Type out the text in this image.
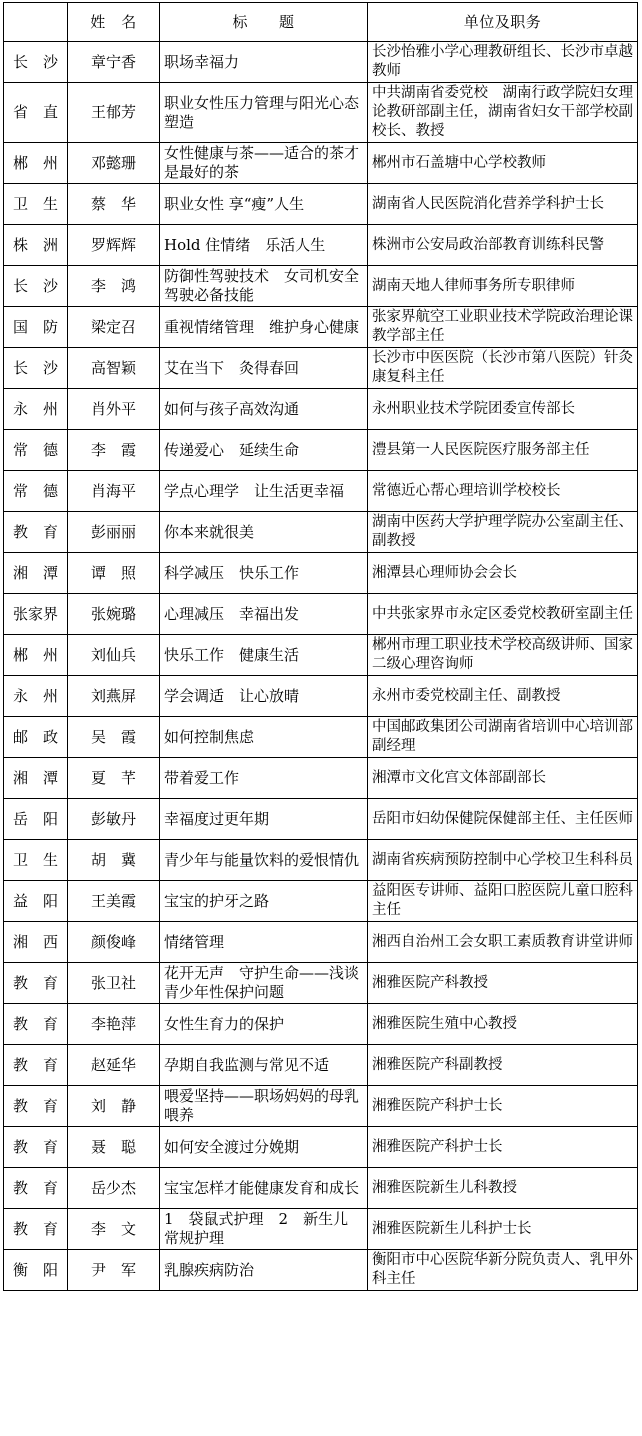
	姓　名	标　　题	单位及职务
长　沙	章宁香	职场幸福力	长沙怡雅小学心理教研组长、长沙市卓越教师
省　直	王郁芳	职业女性压力管理与阳光心态塑造	中共湖南省委党校　湖南行政学院妇女理论教研部副主任，湖南省妇女干部学校副校长、教授
郴　州	邓懿珊	女性健康与茶——适合的茶才是最好的茶	郴州市石盖塘中心学校教师
卫　生	蔡　华	职业女性 享“瘦”人生	湖南省人民医院消化营养学科护士长
株　洲	罗辉辉	Hold 住情绪　乐活人生	株洲市公安局政治部教育训练科民警
长　沙	李　鸿	防御性驾驶技术　女司机安全驾驶必备技能	湖南天地人律师事务所专职律师
国　防	梁定召	重视情绪管理　维护身心健康	张家界航空工业职业技术学院政治理论课教学部主任
长　沙	高智颖	艾在当下　灸得春回	长沙市中医医院（长沙市第八医院）针灸康复科主任
永　州	肖外平	如何与孩子高效沟通	永州职业技术学院团委宣传部长
常　德	李　霞	传递爱心　延续生命	澧县第一人民医院医疗服务部主任
常　德	肖海平	学点心理学　让生活更幸福	常德近心帮心理培训学校校长
教　育	彭丽丽	你本来就很美	湖南中医药大学护理学院办公室副主任、副教授
湘　潭	谭　照	科学减压　快乐工作	湘潭县心理师协会会长
张家界	张婉璐	心理减压　幸福出发	中共张家界市永定区委党校教研室副主任
郴　州	刘仙兵	快乐工作　健康生活	郴州市理工职业技术学校高级讲师、国家二级心理咨询师
永　州	刘燕屏	学会调适　让心放晴	永州市委党校副主任、副教授
邮　政	吴　霞	如何控制焦虑	中国邮政集团公司湖南省培训中心培训部副经理
湘　潭	夏　芊	带着爱工作	湘潭市文化宫文体部副部长
岳　阳	彭敏丹	幸福度过更年期	岳阳市妇幼保健院保健部主任、主任医师
卫　生	胡　冀	青少年与能量饮料的爱恨情仇	湖南省疾病预防控制中心学校卫生科科员
益　阳	王美霞	宝宝的护牙之路	益阳医专讲师、益阳口腔医院儿童口腔科主任
湘　西	颜俊峰	情绪管理	湘西自治州工会女职工素质教育讲堂讲师
教　育	张卫社	花开无声　守护生命——浅谈青少年性保护问题	湘雅医院产科教授
教　育	李艳萍	女性生育力的保护	湘雅医院生殖中心教授
教　育	赵延华	孕期自我监测与常见不适	湘雅医院产科副教授
教　育	刘　静	喂爱坚持——职场妈妈的母乳喂养	湘雅医院产科护士长
教　育	聂　聪	如何安全渡过分娩期	湘雅医院产科护士长
教　育	岳少杰	宝宝怎样才能健康发育和成长	湘雅医院新生儿科教授
教　育	李　文	1　袋鼠式护理　2　新生儿常规护理	湘雅医院新生儿科护士长
衡　阳	尹　军	乳腺疾病防治	衡阳市中心医院华新分院负责人、乳甲外科主任
